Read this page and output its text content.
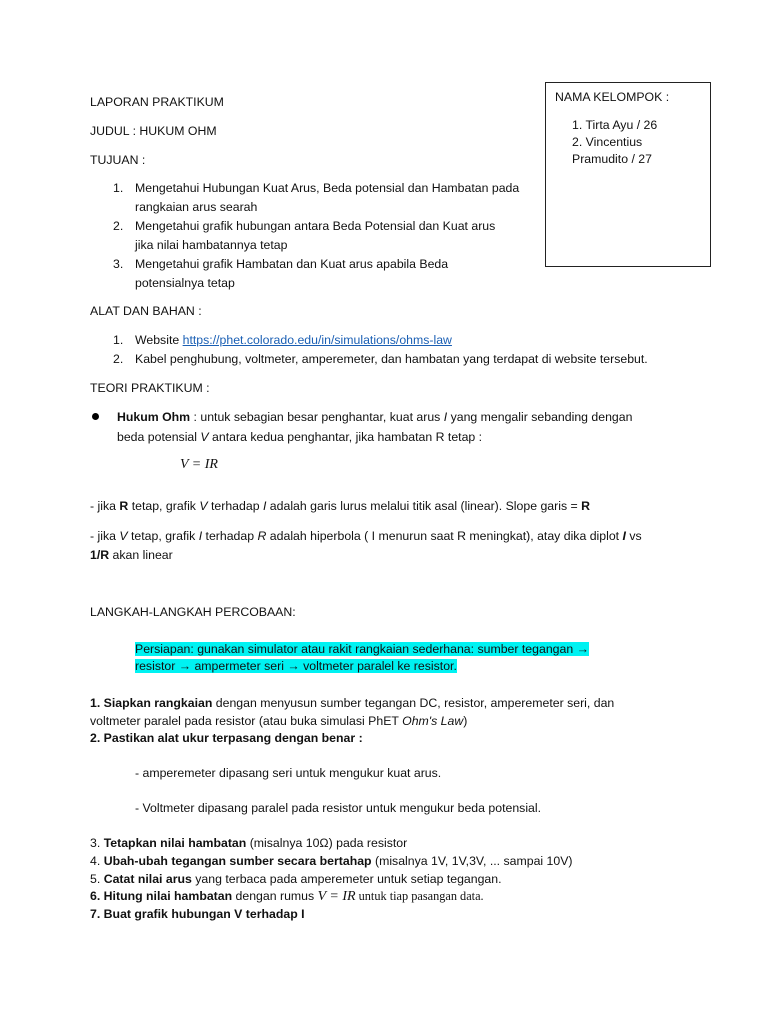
LAPORAN PRAKTIKUM
JUDUL : HUKUM OHM
TUJUAN :
NAMA KELOMPOK :
1. Tirta Ayu / 26
2. Vincentius
Pramudito / 27
1. Mengetahui Hubungan Kuat Arus, Beda potensial dan Hambatan pada
rangkaian arus searah
2. Mengetahui grafik hubungan antara Beda Potensial dan Kuat arus
jika nilai hambatannya tetap
3. Mengetahui grafik Hambatan dan Kuat arus apabila Beda
potensialnya tetap
ALAT DAN BAHAN :
1. Website https://phet.colorado.edu/in/simulations/ohms-law
2. Kabel penghubung, voltmeter, amperemeter, dan hambatan yang terdapat di website tersebut.
TEORI PRAKTIKUM :
Hukum Ohm : untuk sebagian besar penghantar, kuat arus I yang mengalir sebanding dengan
beda potensial V antara kedua penghantar, jika hambatan R tetap :
V = IR
- jika R tetap, grafik V terhadap I adalah garis lurus melalui titik asal (linear). Slope garis = R
- jika V tetap, grafik I terhadap R adalah hiperbola ( I menurun saat R meningkat), atay dika diplot I vs
1/R akan linear
LANGKAH-LANGKAH PERCOBAAN:
Persiapan: gunakan simulator atau rakit rangkaian sederhana: sumber tegangan →
resistor → ampermeter seri → voltmeter paralel ke resistor.
1. Siapkan rangkaian dengan menyusun sumber tegangan DC, resistor, amperemeter seri, dan
voltmeter paralel pada resistor (atau buka simulasi PhET Ohm's Law)
2. Pastikan alat ukur terpasang dengan benar :
- amperemeter dipasang seri untuk mengukur kuat arus.
- Voltmeter dipasang paralel pada resistor untuk mengukur beda potensial.
3. Tetapkan nilai hambatan (misalnya 10Ω) pada resistor
4. Ubah-ubah tegangan sumber secara bertahap (misalnya 1V, 1V,3V, ... sampai 10V)
5. Catat nilai arus yang terbaca pada amperemeter untuk setiap tegangan.
6. Hitung nilai hambatan dengan rumus V = IR untuk tiap pasangan data.
7. Buat grafik hubungan V terhadap I
